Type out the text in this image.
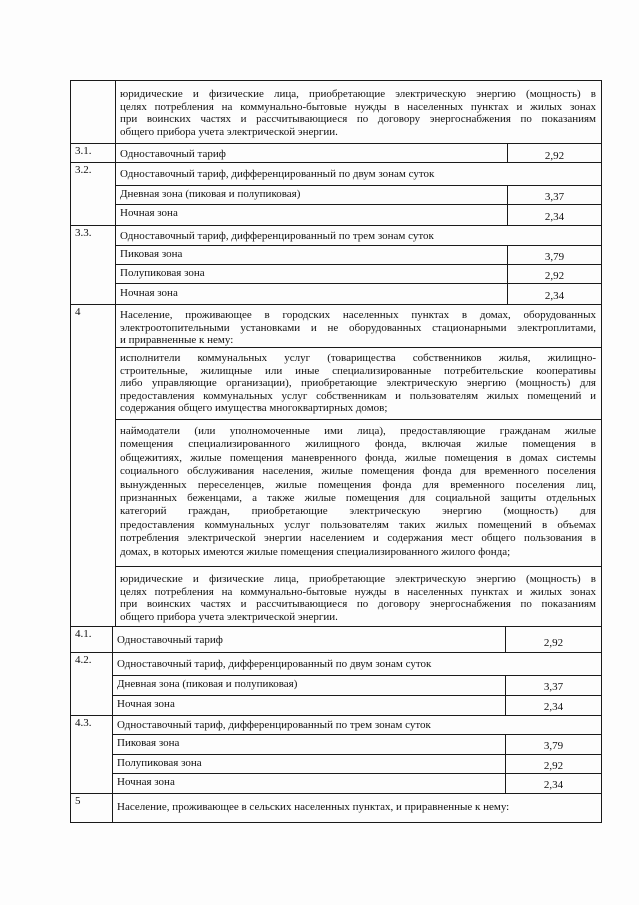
юридические и физические лица, приобретающие электрическую энергию (мощность) в
целях потребления на коммунально-бытовые нужды в населенных пунктах и жилых зонах
при воинских частях и рассчитывающиеся по договору энергоснабжения по показаниям
общего прибора учета электрической энергии.
3.1.	Одноставочный тариф	2,92
3.2.	Одноставочный тариф, дифференцированный по двум зонам суток
Дневная зона (пиковая и полупиковая)	3,37
Ночная зона	2,34
3.3.	Одноставочный тариф, дифференцированный по трем зонам суток
Пиковая зона	3,79
Полупиковая зона	2,92
Ночная зона	2,34
4	Население, проживающее в городских населенных пунктах в домах, оборудованных
электроотопительными установками и не оборудованных стационарными электроплитами,
и приравненные к нему:
исполнители коммунальных услуг (товарищества собственников жилья, жилищно-
строительные, жилищные или иные специализированные потребительские кооперативы
либо управляющие организации), приобретающие электрическую энергию (мощность) для
предоставления коммунальных услуг собственникам и пользователям жилых помещений и
содержания общего имущества многоквартирных домов;
наймодатели (или уполномоченные ими лица), предоставляющие гражданам жилые
помещения специализированного жилищного фонда, включая жилые помещения в
общежитиях, жилые помещения маневренного фонда, жилые помещения в домах системы
социального обслуживания населения, жилые помещения фонда для временного поселения
вынужденных переселенцев, жилые помещения фонда для временного поселения лиц,
признанных беженцами, а также жилые помещения для социальной защиты отдельных
категорий граждан, приобретающие электрическую энергию (мощность) для
предоставления коммунальных услуг пользователям таких жилых помещений в объемах
потребления электрической энергии населением и содержания мест общего пользования в
домах, в которых имеются жилые помещения специализированного жилого фонда;
юридические и физические лица, приобретающие электрическую энергию (мощность) в
целях потребления на коммунально-бытовые нужды в населенных пунктах и жилых зонах
при воинских частях и рассчитывающиеся по договору энергоснабжения по показаниям
общего прибора учета электрической энергии.
4.1. Одноставочный тариф	2,92
4.2. Одноставочный тариф, дифференцированный по двум зонам суток
Дневная зона (пиковая и полупиковая)	3,37
Ночная зона	2,34
4.3. Одноставочный тариф, дифференцированный по трем зонам суток
Пиковая зона	3,79
Полупиковая зона	2,92
Ночная зона	2,34
5	Население, проживающее в сельских населенных пунктах, и приравненные к нему:
